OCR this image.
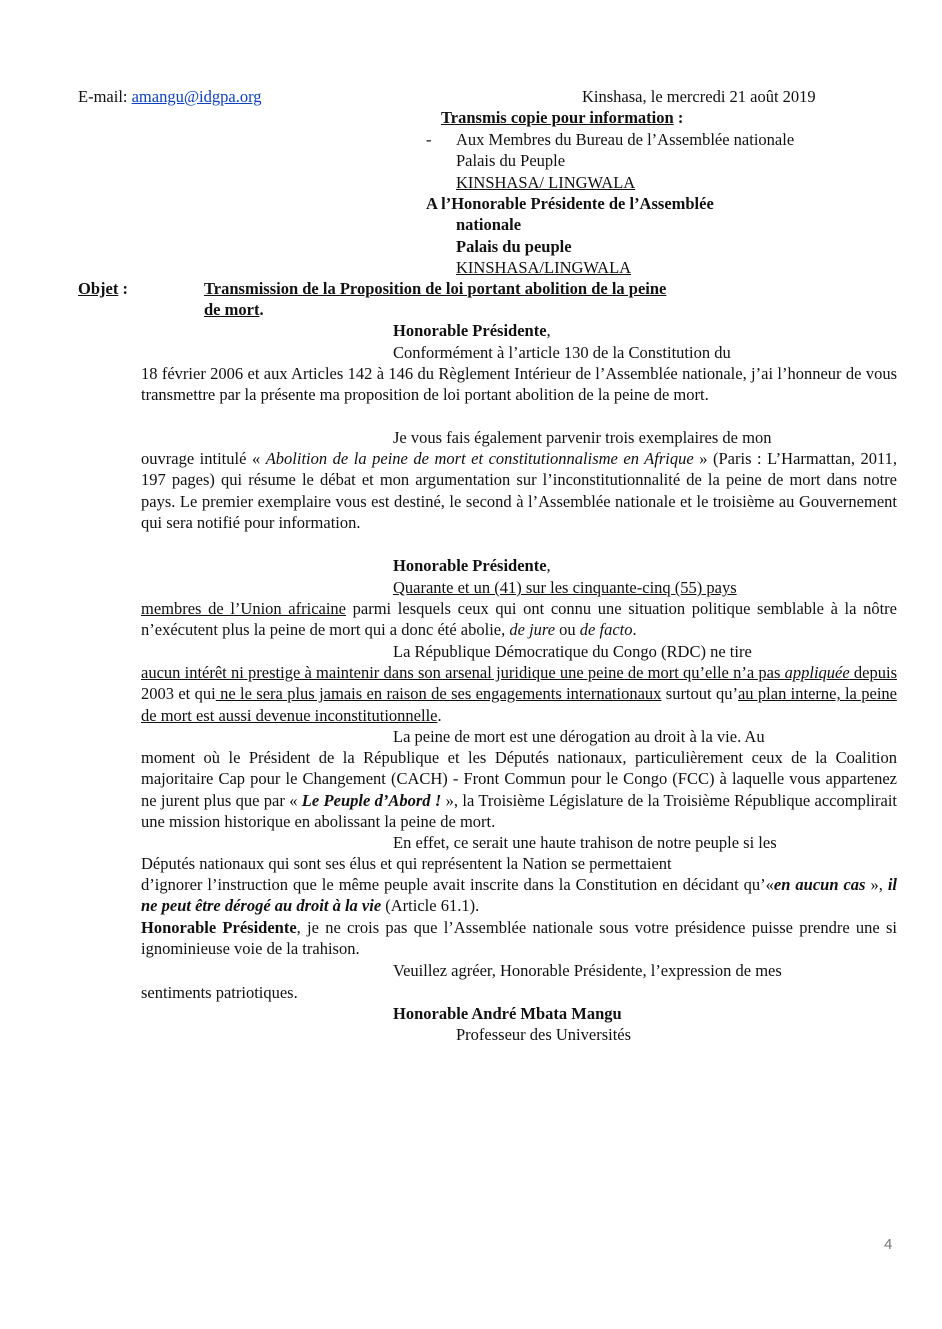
E-mail: amangu@idgpa.org	Kinshasa, le mercredi 21 août 2019
Transmis copie pour information :
- Aux Membres du Bureau de l’Assemblée nationale
Palais du Peuple
KINSHASA/ LINGWALA
A l’Honorable Présidente de l’Assemblée
nationale
Palais du peuple
KINSHASA/LINGWALA
Objet :	Transmission de la Proposition de loi portant abolition de la peine
de mort.
Honorable Présidente,
Conformément à l’article 130 de la Constitution du
18 février 2006 et aux Articles 142 à 146 du Règlement Intérieur de l’Assemblée nationale, j’ai l’honneur de vous transmettre par la présente ma proposition de loi portant abolition de la peine de mort.
Je vous fais également parvenir trois exemplaires de mon
ouvrage intitulé « Abolition de la peine de mort et constitutionnalisme en Afrique » (Paris : L’Harmattan, 2011, 197 pages) qui résume le débat et mon argumentation sur l’inconstitutionnalité de la peine de mort dans notre pays. Le premier exemplaire vous est destiné, le second à l’Assemblée nationale et le troisième au Gouvernement qui sera notifié pour information.
Honorable Présidente,
Quarante et un (41) sur les cinquante-cinq (55) pays
membres de l’Union africaine parmi lesquels ceux qui ont connu une situation politique semblable à la nôtre n’exécutent plus la peine de mort qui a donc été abolie, de jure ou de facto.
La République Démocratique du Congo (RDC) ne tire
aucun intérêt ni prestige à maintenir dans son arsenal juridique une peine de mort qu’elle n’a pas appliquée depuis 2003 et qui ne le sera plus jamais en raison de ses engagements internationaux surtout qu’au plan interne, la peine de mort est aussi devenue inconstitutionnelle.
La peine de mort est une dérogation au droit à la vie. Au
moment où le Président de la République et les Députés nationaux, particulièrement ceux de la Coalition majoritaire Cap pour le Changement (CACH) - Front Commun pour le Congo (FCC) à laquelle vous appartenez ne jurent plus que par « Le Peuple d’Abord ! », la Troisième Législature de la Troisième République accomplirait une mission historique en abolissant la peine de mort.
En effet, ce serait une haute trahison de notre peuple si les
Députés nationaux qui sont ses élus et qui représentent la Nation se permettaient
d’ignorer l’instruction que le même peuple avait inscrite dans la Constitution en décidant qu’«en aucun cas », il ne peut être dérogé au droit à la vie (Article 61.1).
Honorable Présidente, je ne crois pas que l’Assemblée nationale sous votre présidence puisse prendre une si ignominieuse voie de la trahison.
Veuillez agréer, Honorable Présidente, l’expression de mes
sentiments patriotiques.
Honorable André Mbata Mangu
Professeur des Universités
4
